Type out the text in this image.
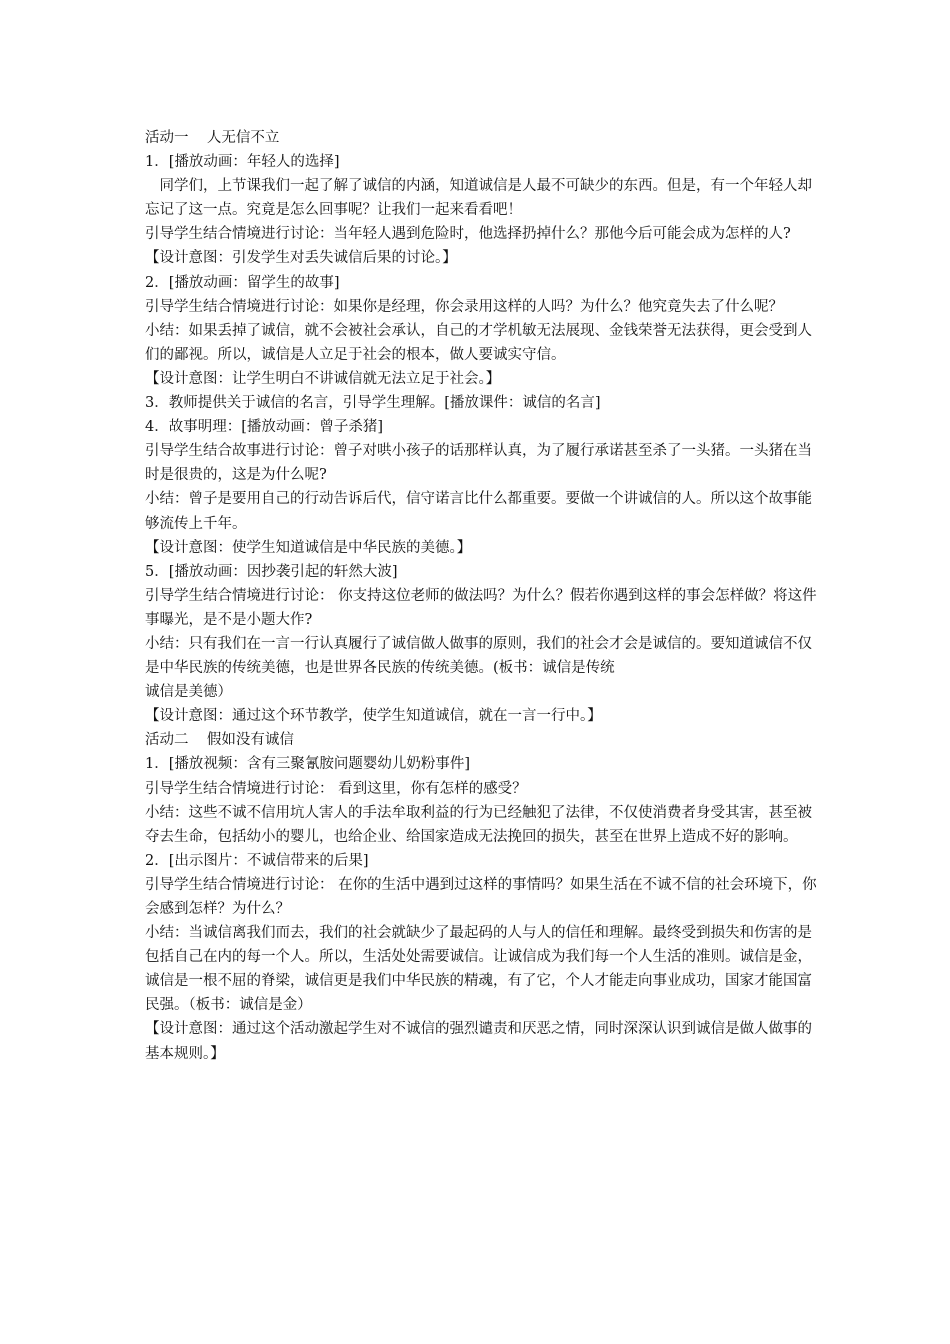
活动一    人无信不立

1．[播放动画：年轻人的选择]

同学们，上节课我们一起了解了诚信的内涵，知道诚信是人最不可缺少的东西。但是，有一个年轻人却忘记了这一点。究竟是怎么回事呢？让我们一起来看看吧！

引导学生结合情境进行讨论：当年轻人遇到危险时，他选择扔掉什么？那他今后可能会成为怎样的人?

【设计意图：引发学生对丢失诚信后果的讨论。】

2．[播放动画：留学生的故事]

引导学生结合情境进行讨论：如果你是经理，你会录用这样的人吗？为什么？他究竟失去了什么呢？

小结：如果丢掉了诚信，就不会被社会承认，自己的才学机敏无法展现、金钱荣誉无法获得，更会受到人们的鄙视。所以，诚信是人立足于社会的根本，做人要诚实守信。

【设计意图：让学生明白不讲诚信就无法立足于社会。】

3．教师提供关于诚信的名言，引导学生理解。[播放课件：诚信的名言]

4．故事明理：[播放动画：曾子杀猪]

引导学生结合故事进行讨论：曾子对哄小孩子的话那样认真，为了履行承诺甚至杀了一头猪。一头猪在当时是很贵的，这是为什么呢?

小结：曾子是要用自己的行动告诉后代，信守诺言比什么都重要。要做一个讲诚信的人。所以这个故事能够流传上千年。

【设计意图：使学生知道诚信是中华民族的美德。】

5．[播放动画：因抄袭引起的轩然大波]

引导学生结合情境进行讨论： 你支持这位老师的做法吗？为什么？假若你遇到这样的事会怎样做？将这件事曝光，是不是小题大作?

小结：只有我们在一言一行认真履行了诚信做人做事的原则，我们的社会才会是诚信的。要知道诚信不仅是中华民族的传统美德，也是世界各民族的传统美德。(板书：诚信是传统

诚信是美德）

【设计意图：通过这个环节教学，使学生知道诚信，就在一言一行中。】

活动二    假如没有诚信

1．[播放视频：含有三聚氰胺问题婴幼儿奶粉事件]

引导学生结合情境进行讨论： 看到这里，你有怎样的感受？

小结：这些不诚不信用坑人害人的手法牟取利益的行为已经触犯了法律，不仅使消费者身受其害，甚至被夺去生命，包括幼小的婴儿，也给企业、给国家造成无法挽回的损失，甚至在世界上造成不好的影响。

2．[出示图片：不诚信带来的后果]

引导学生结合情境进行讨论： 在你的生活中遇到过这样的事情吗？如果生活在不诚不信的社会环境下，你会感到怎样？为什么？

小结：当诚信离我们而去，我们的社会就缺少了最起码的人与人的信任和理解。最终受到损失和伤害的是包括自己在内的每一个人。所以，生活处处需要诚信。让诚信成为我们每一个人生活的准则。诚信是金，诚信是一根不屈的脊梁，诚信更是我们中华民族的精魂，有了它，个人才能走向事业成功，国家才能国富民强。（板书：诚信是金）

【设计意图：通过这个活动激起学生对不诚信的强烈谴责和厌恶之情，同时深深认识到诚信是做人做事的基本规则。】
